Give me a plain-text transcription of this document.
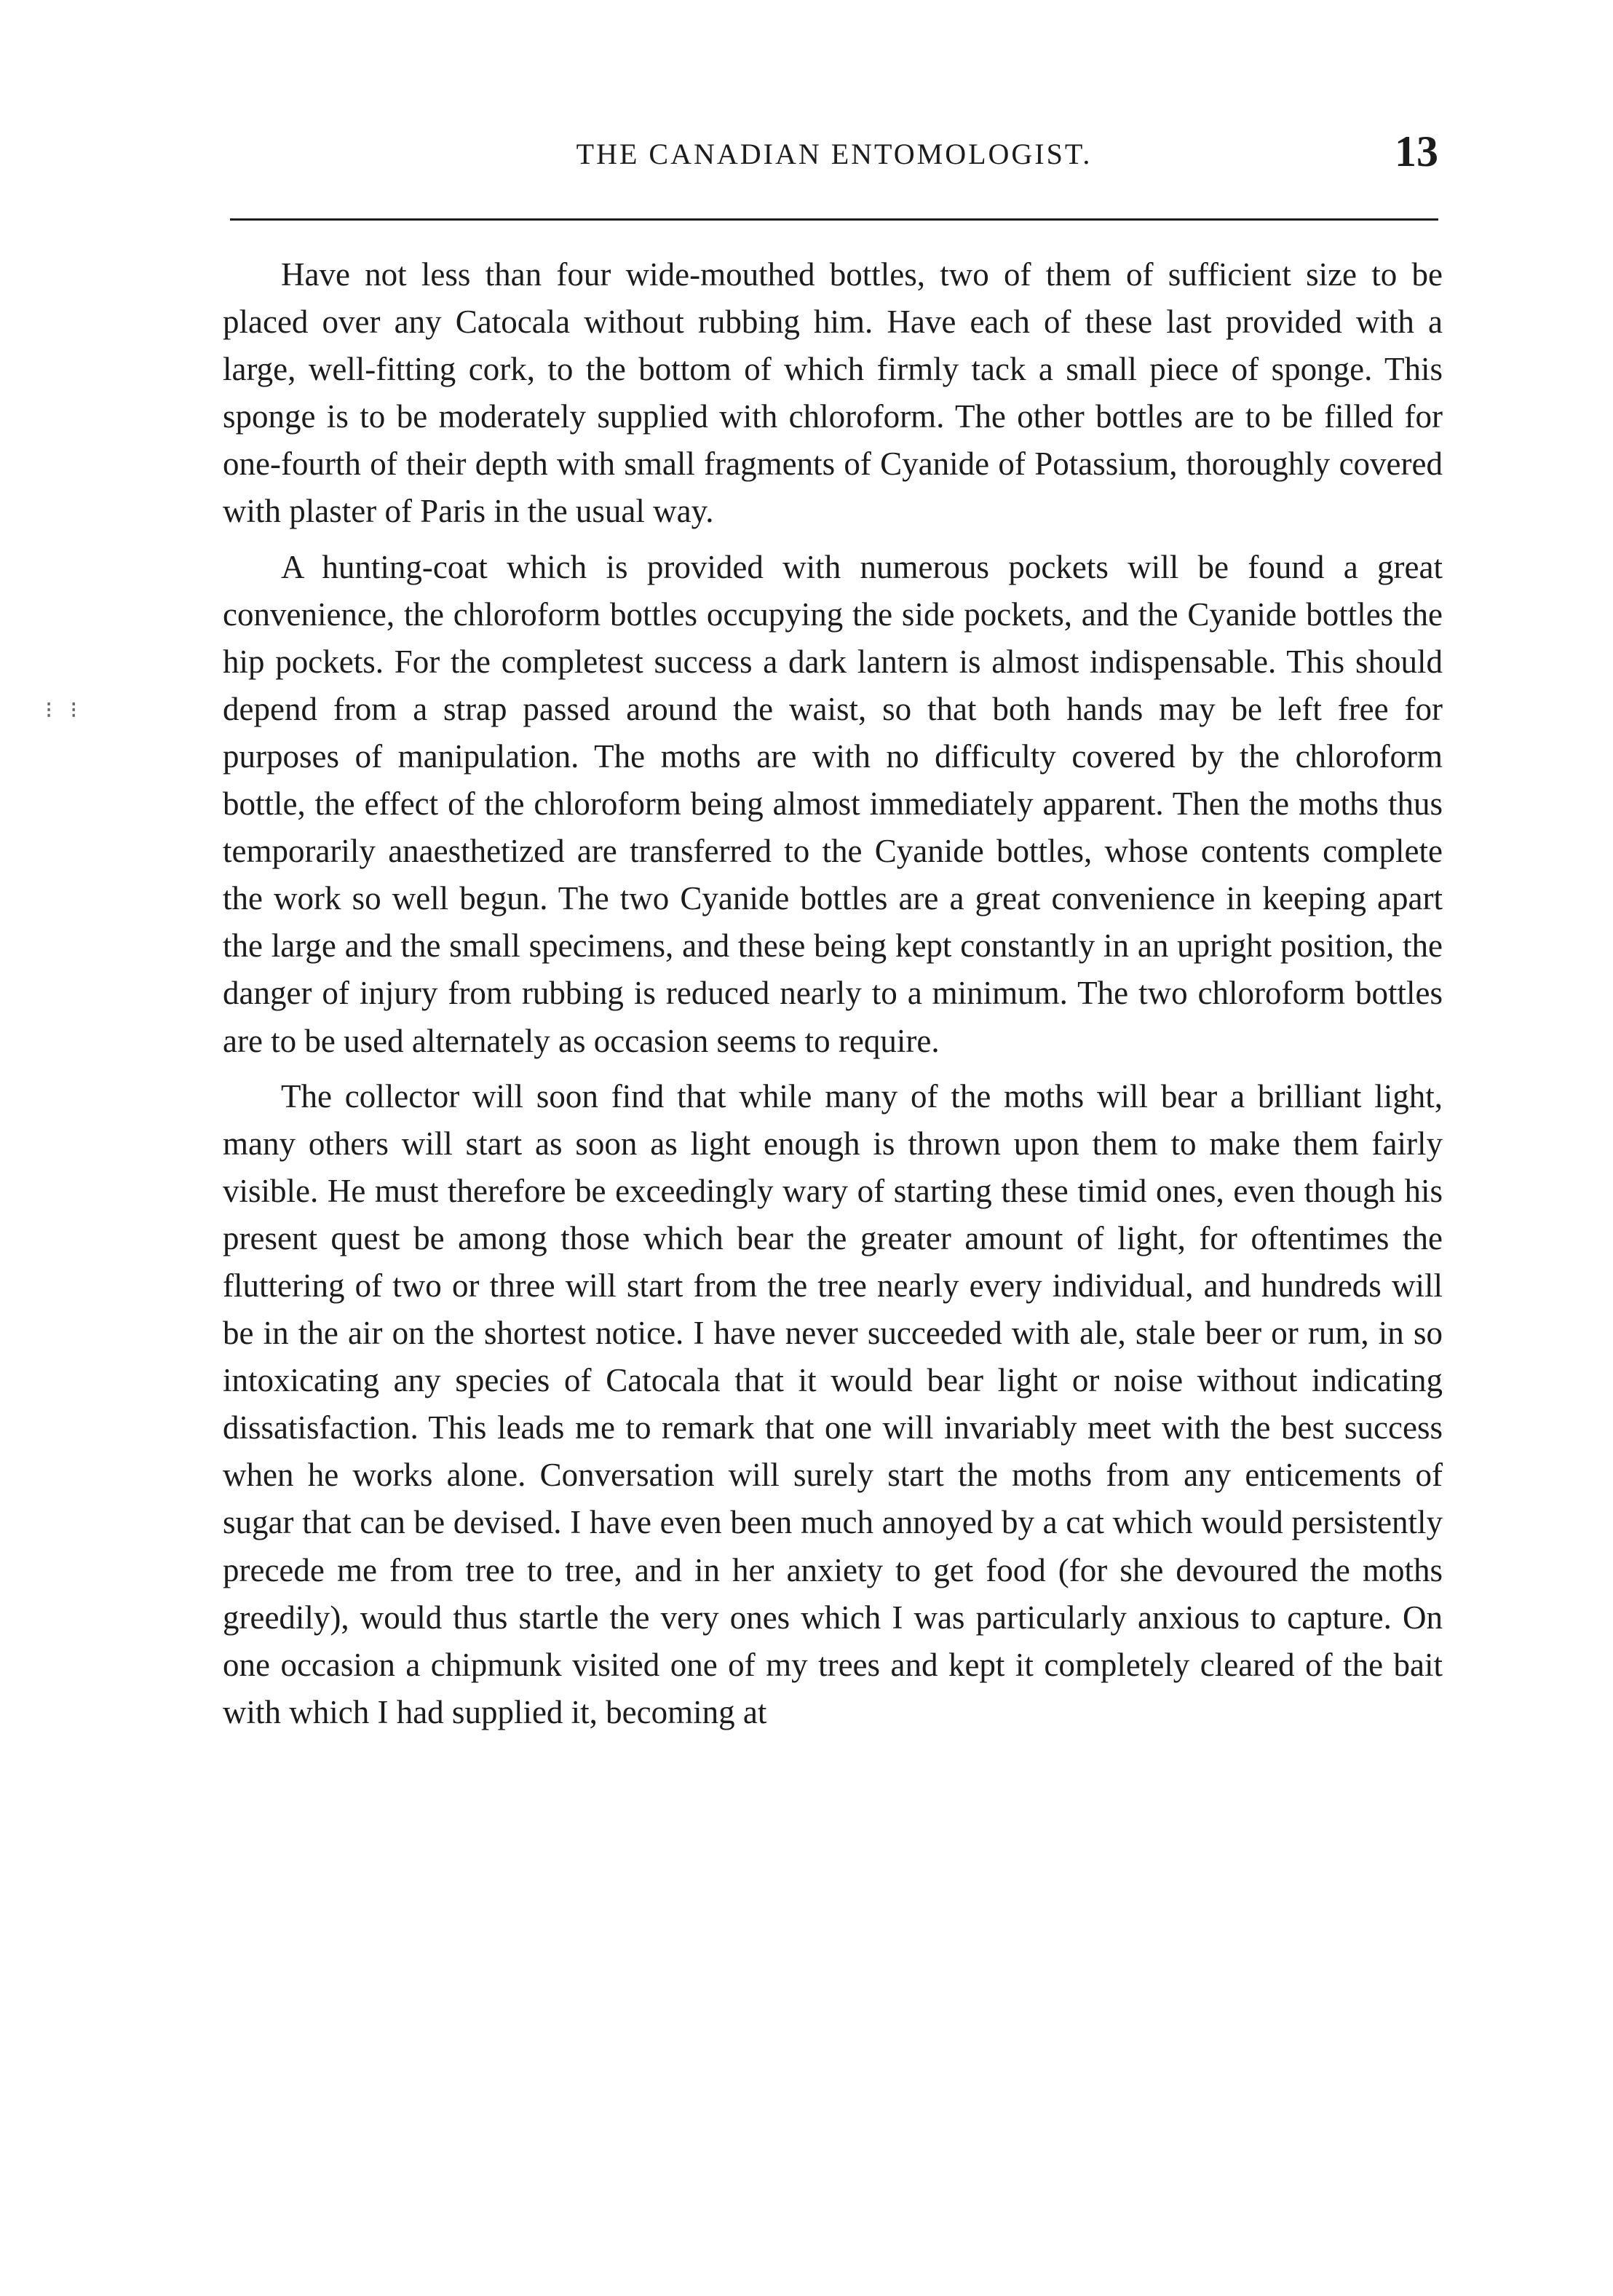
THE CANADIAN ENTOMOLOGIST.	13
⁝ ⁝

Have not less than four wide-mouthed bottles, two of them of sufficient size to be placed over any Catocala without rubbing him. Have each of these last provided with a large, well-fitting cork, to the bottom of which firmly tack a small piece of sponge. This sponge is to be moderately supplied with chloroform. The other bottles are to be filled for one-fourth of their depth with small fragments of Cyanide of Potassium, thoroughly covered with plaster of Paris in the usual way.

A hunting-coat which is provided with numerous pockets will be found a great convenience, the chloroform bottles occupying the side pockets, and the Cyanide bottles the hip pockets. For the completest success a dark lantern is almost indispensable. This should depend from a strap passed around the waist, so that both hands may be left free for purposes of manipulation. The moths are with no difficulty covered by the chloroform bottle, the effect of the chloroform being almost immediately apparent. Then the moths thus temporarily anaesthetized are transferred to the Cyanide bottles, whose contents complete the work so well begun. The two Cyanide bottles are a great convenience in keeping apart the large and the small specimens, and these being kept constantly in an upright position, the danger of injury from rubbing is reduced nearly to a minimum. The two chloroform bottles are to be used alternately as occasion seems to require.

The collector will soon find that while many of the moths will bear a brilliant light, many others will start as soon as light enough is thrown upon them to make them fairly visible. He must therefore be exceedingly wary of starting these timid ones, even though his present quest be among those which bear the greater amount of light, for oftentimes the fluttering of two or three will start from the tree nearly every individual, and hundreds will be in the air on the shortest notice. I have never succeeded with ale, stale beer or rum, in so intoxicating any species of Catocala that it would bear light or noise without indicating dissatisfaction. This leads me to remark that one will invariably meet with the best success when he works alone. Conversation will surely start the moths from any enticements of sugar that can be devised. I have even been much annoyed by a cat which would persistently precede me from tree to tree, and in her anxiety to get food (for she devoured the moths greedily), would thus startle the very ones which I was particularly anxious to capture. On one occasion a chipmunk visited one of my trees and kept it completely cleared of the bait with which I had supplied it, becoming at
